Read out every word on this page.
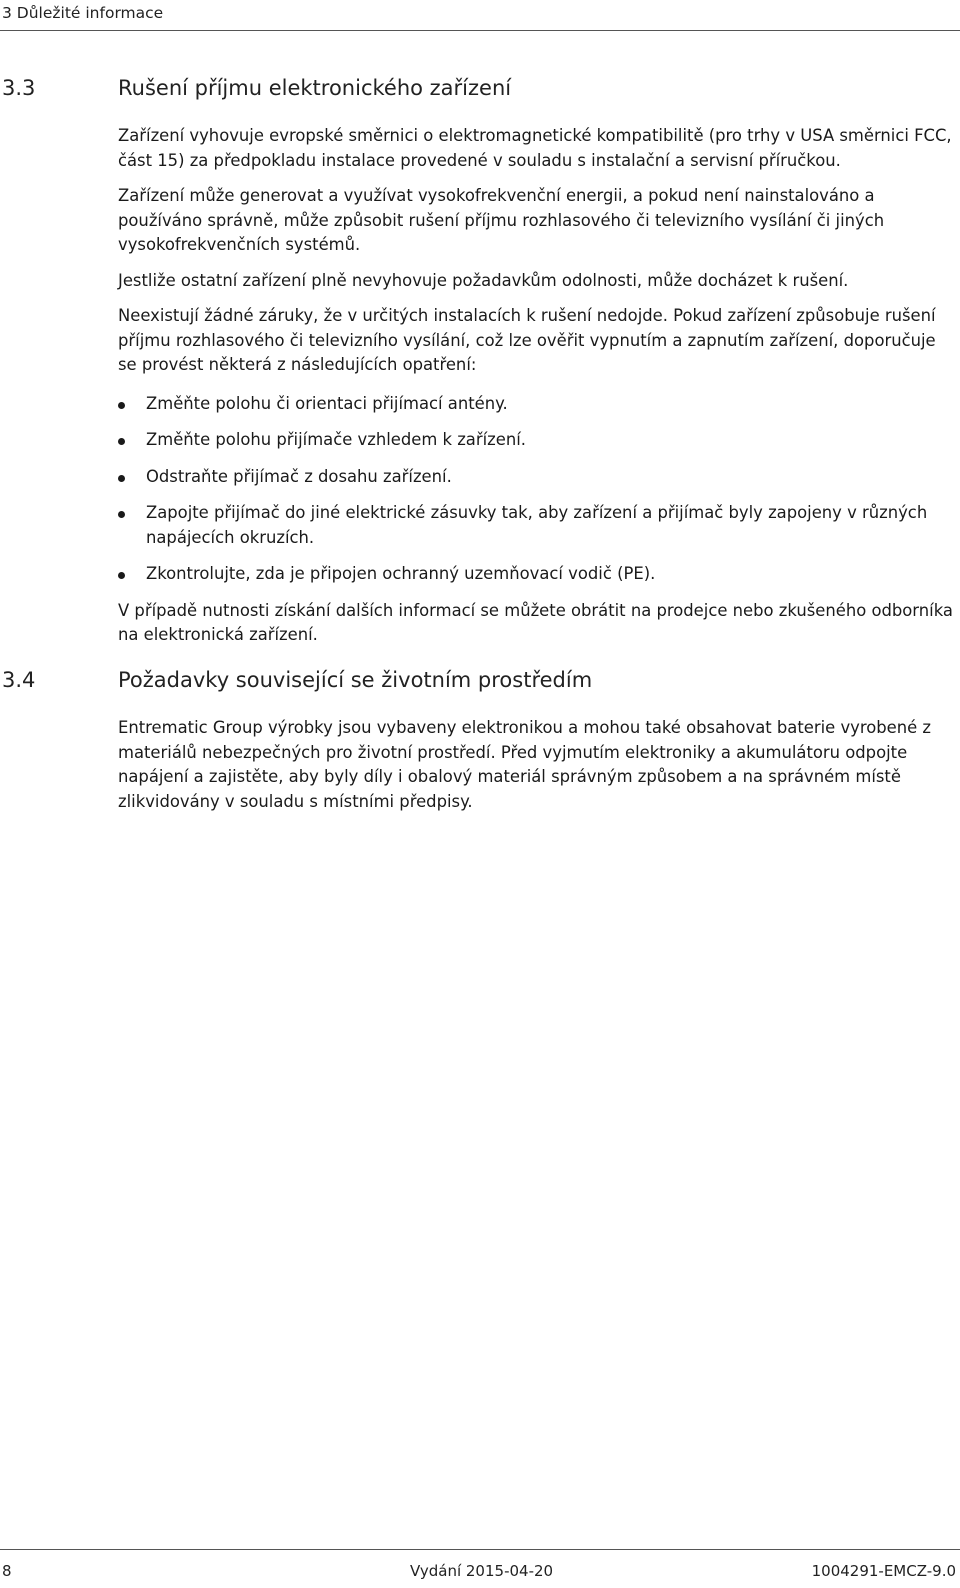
3 Důležité informace
3.3	Rušení příjmu elektronického zařízení

Zařízení vyhovuje evropské směrnici o elektromagnetické kompatibilitě (pro trhy v USA směrnici FCC, část 15) za předpokladu instalace provedené v souladu s instalační a servisní příručkou.

Zařízení může generovat a využívat vysokofrekvenční energii, a pokud není nainstalováno a používáno správně, může způsobit rušení příjmu rozhlasového či televizního vysílání či jiných vysokofrekvenčních systémů.

Jestliže ostatní zařízení plně nevyhovuje požadavkům odolnosti, může docházet k rušení.

Neexistují žádné záruky, že v určitých instalacích k rušení nedojde. Pokud zařízení způsobuje rušení příjmu rozhlasového či televizního vysílání, což lze ověřit vypnutím a zapnutím zařízení, doporučuje se provést některá z následujících opatření:

Změňte polohu či orientaci přijímací antény.
Změňte polohu přijímače vzhledem k zařízení.
Odstraňte přijímač z dosahu zařízení.
Zapojte přijímač do jiné elektrické zásuvky tak, aby zařízení a přijímač byly zapojeny v různých napájecích okruzích.
Zkontrolujte, zda je připojen ochranný uzemňovací vodič (PE).

V případě nutnosti získání dalších informací se můžete obrátit na prodejce nebo zkušeného odborníka na elektronická zařízení.

3.4	Požadavky související se životním prostředím

Entrematic Group výrobky jsou vybaveny elektronikou a mohou také obsahovat baterie vyrobené z materiálů nebezpečných pro životní prostředí. Před vyjmutím elektroniky a akumulátoru odpojte napájení a zajistěte, aby byly díly i obalový materiál správným způsobem a na správném místě zlikvidovány v souladu s místními předpisy.

8	Vydání 2015-04-20	1004291-EMCZ-9.0
